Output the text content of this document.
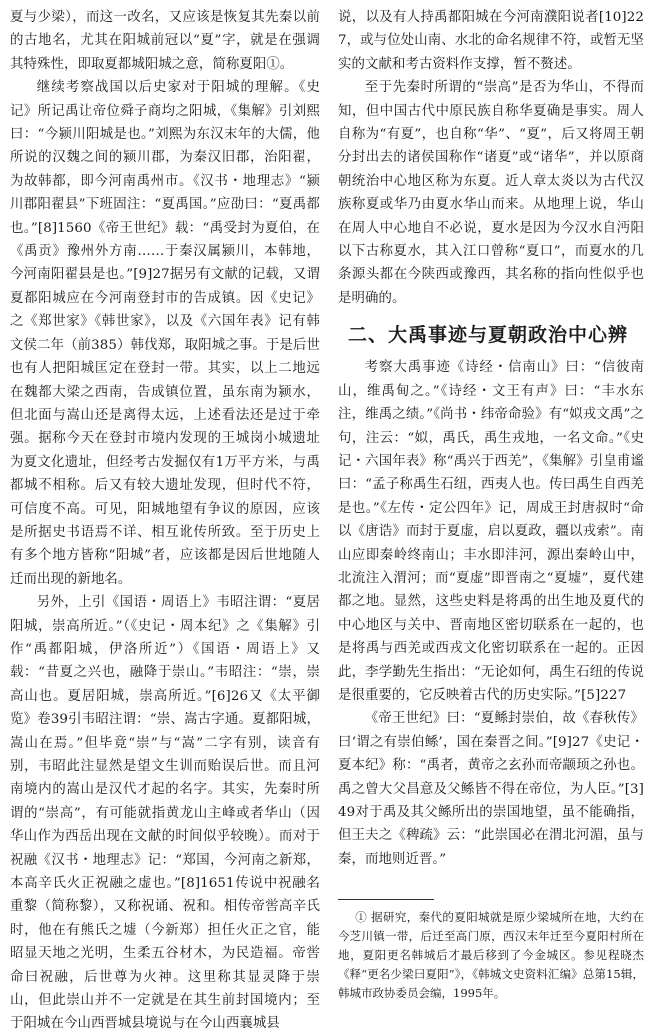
夏与少梁），而这一改名，又应该是恢复其先秦以前的古地名，尤其在阳城前冠以“夏”字，就是在强调其特殊性，即取夏都城阳城之意，简称夏阳①。

继续考察战国以后史家对于阳城的理解。《史记》所记禹让帝位舜子商均之阳城，《集解》引刘熙曰：“今颍川阳城是也。”刘熙为东汉末年的大儒，他所说的汉魏之间的颍川郡，为秦汉旧郡，治阳翟，为故韩都，即今河南禹州市。《汉书・地理志》“颍川郡阳翟县”下班固注：“夏禹国。”应劭曰：“夏禹都也。”[8]1560《帝王世纪》载：“禹受封为夏伯，在《禹贡》豫州外方南……于秦汉属颍川，本韩地，今河南阳翟县是也。”[9]27据另有文献的记载，又谓夏都阳城应在今河南登封市的告成镇。因《史记》之《郑世家》《韩世家》，以及《六国年表》记有韩文侯二年（前385）韩伐郑，取阳城之事。于是后世也有人把阳城匡定在登封一带。其实，以上二地远在魏都大梁之西南，告成镇位置，虽东南为颍水，但北面与嵩山还是离得太远，上述看法还是过于牵强。据称今天在登封市境内发现的王城岗小城遗址为夏文化遗址，但经考古发掘仅有1万平方米，与禹都城不相称。后又有较大遗址发现，但时代不符，可信度不高。可见，阳城地望有争议的原因，应该是所据史书语焉不详、相互讹传所致。至于历史上有多个地方皆称“阳城”者，应该都是因后世地随人迁而出现的新地名。

另外，上引《国语・周语上》韦昭注谓：“夏居阳城，崇高所近。”（《史记・周本纪》之《集解》引作“禹都阳城，伊洛所近”）《国语・周语上》又载：“昔夏之兴也，融降于崇山。”韦昭注：“崇，崇高山也。夏居阳城，崇高所近。”[6]26又《太平御览》卷39引韦昭注谓：“崇、嵩古字通。夏都阳城，嵩山在焉。”但毕竟“崇”与“嵩”二字有别，读音有别，韦昭此注显然是望文生训而贻误后世。而且河南境内的嵩山是汉代才起的名字。其实，先秦时所谓的“崇高”，有可能就指黄龙山主峰或者华山（因华山作为西岳出现在文献的时间似乎较晚）。而对于祝融《汉书・地理志》记：“郑国，今河南之新郑，本高辛氏火正祝融之虚也。”[8]1651传说中祝融名重黎（简称黎），又称祝诵、祝和。相传帝喾高辛氏时，他在有熊氏之墟（今新郑）担任火正之官，能昭显天地之光明，生柔五谷材木，为民造福。帝喾命曰祝融，后世尊为火神。这里称其显灵降于崇山，但此崇山并不一定就是在其生前封国境内；至于阳城在今山西晋城县境说与在今山西襄城县

说，以及有人持禹都阳城在今河南濮阳说者[10]227，或与位处山南、水北的命名规律不符，或暂无坚实的文献和考古资料作支撑，暂不赘述。

至于先秦时所谓的“崇高”是否为华山，不得而知，但中国古代中原民族自称华夏确是事实。周人自称为“有夏”，也自称“华”、“夏”，后又将周王朝分封出去的诸侯国称作“诸夏”或“诸华”，并以原商朝统治中心地区称为东夏。近人章太炎以为古代汉族称夏或华乃由夏水华山而来。从地理上说，华山在周人中心地自不必说，夏水是因为今汉水自沔阳以下古称夏水，其入江口曾称“夏口”，而夏水的几条源头都在今陕西或豫西，其名称的指向性似乎也是明确的。

二、大禹事迹与夏朝政治中心辨

考察大禹事迹《诗经・信南山》曰：“信彼南山，维禹甸之。”《诗经・文王有声》曰：“丰水东注，维禹之绩。”《尚书・纬帝命验》有“姒戎文禹”之句，注云：“姒，禹氏，禹生戎地，一名文命。”《史记・六国年表》称“禹兴于西羌”，《集解》引皇甫谧曰：“孟子称禹生石纽，西夷人也。传曰禹生自西羌是也。”《左传・定公四年》记，周成王封唐叔时“命以《唐诰》而封于夏虚，启以夏政，疆以戎索”。南山应即秦岭终南山；丰水即沣河，源出秦岭山中，北流注入渭河；而“夏虚”即晋南之“夏墟”，夏代建都之地。显然，这些史料是将禹的出生地及夏代的中心地区与关中、晋南地区密切联系在一起的，也是将禹与西羌或西戎文化密切联系在一起的。正因此，李学勤先生指出：“无论如何，禹生石纽的传说是很重要的，它反映着古代的历史实际。”[5]227

《帝王世纪》曰：“夏鲧封崇伯，故《春秋传》曰‘谓之有崇伯鲧’，国在秦晋之间。”[9]27《史记・夏本纪》称：“禹者，黄帝之玄孙而帝颛顼之孙也。禹之曾大父昌意及父鲧皆不得在帝位，为人臣。”[3]49对于禹及其父鲧所出的崇国地望，虽不能确指，但王夫之《稗疏》云：“此崇国必在渭北河湄，虽与秦，而地则近晋。”

① 据研究，秦代的夏阳城就是原少梁城所在地，大约在今芝川镇一带，后迁至高门原，西汉末年迁至今夏阳村所在地，夏阳更名韩城后才最后移到了今金城区。参见程晓杰《释“更名少梁曰夏阳”》，《韩城文史资料汇编》总第15辑，韩城市政协委员会编，1995年。
